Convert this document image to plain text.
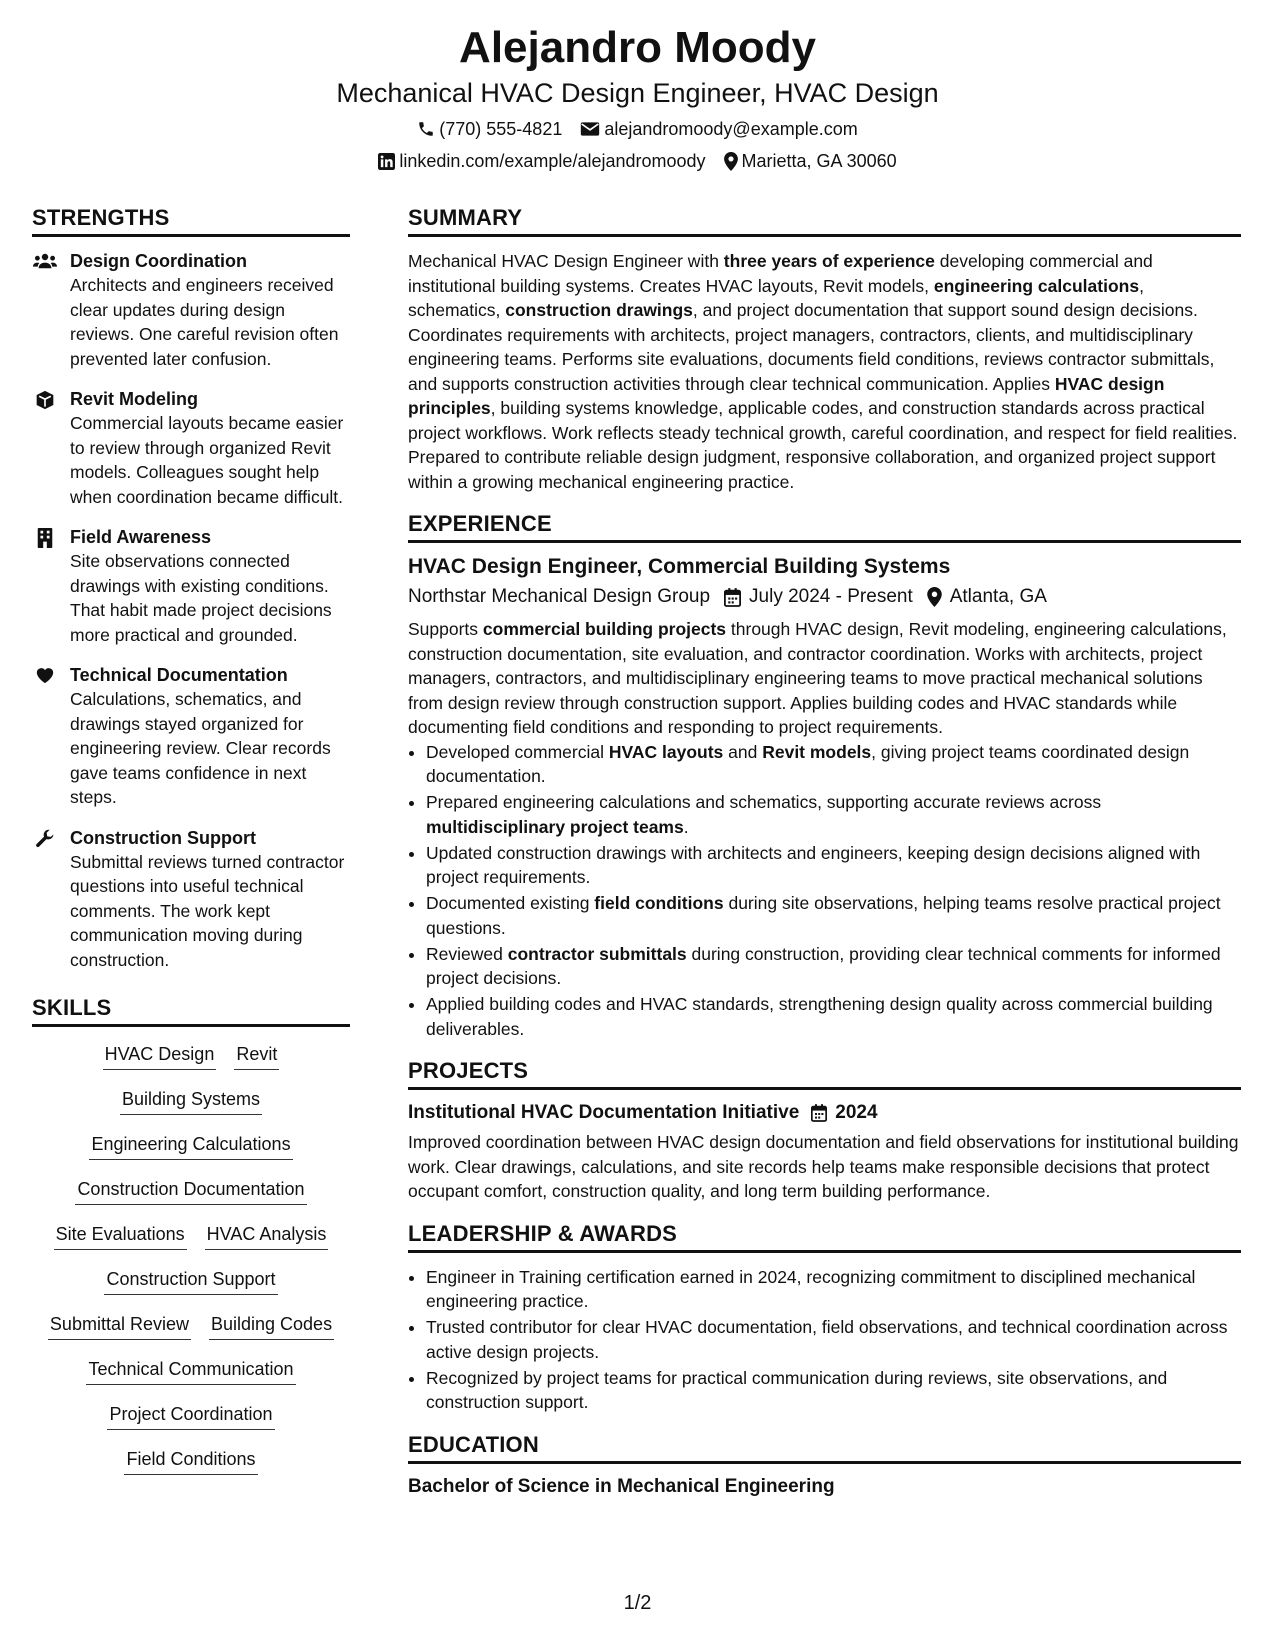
Alejandro Moody
Mechanical HVAC Design Engineer, HVAC Design
(770) 555-4821 alejandromoody@example.com
linkedin.com/example/alejandromoody Marietta, GA 30060
STRENGTHS
Design Coordination
Architects and engineers received clear updates during design reviews. One careful revision often prevented later confusion.
Revit Modeling
Commercial layouts became easier to review through organized Revit models. Colleagues sought help when coordination became difficult.
Field Awareness
Site observations connected drawings with existing conditions. That habit made project decisions more practical and grounded.
Technical Documentation
Calculations, schematics, and drawings stayed organized for engineering review. Clear records gave teams confidence in next steps.
Construction Support
Submittal reviews turned contractor questions into useful technical comments. The work kept communication moving during construction.
SKILLS
HVAC Design Revit
Building Systems
Engineering Calculations
Construction Documentation
Site Evaluations HVAC Analysis
Construction Support
Submittal Review Building Codes
Technical Communication
Project Coordination
Field Conditions
SUMMARY

Mechanical HVAC Design Engineer with three years of experience developing commercial and institutional building systems. Creates HVAC layouts, Revit models, engineering calculations, schematics, construction drawings, and project documentation that support sound design decisions. Coordinates requirements with architects, project managers, contractors, clients, and multidisciplinary engineering teams. Performs site evaluations, documents field conditions, reviews contractor submittals, and supports construction activities through clear technical communication. Applies HVAC design principles, building systems knowledge, applicable codes, and construction standards across practical project workflows. Work reflects steady technical growth, careful coordination, and respect for field realities. Prepared to contribute reliable design judgment, responsive collaboration, and organized project support within a growing mechanical engineering practice.

EXPERIENCE
HVAC Design Engineer, Commercial Building Systems
Northstar Mechanical Design Group July 2024 - Present Atlanta, GA

Supports commercial building projects through HVAC design, Revit modeling, engineering calculations, construction documentation, site evaluation, and contractor coordination. Works with architects, project managers, contractors, and multidisciplinary engineering teams to move practical mechanical solutions from design review through construction support. Applies building codes and HVAC standards while documenting field conditions and responding to project requirements.

• Developed commercial HVAC layouts and Revit models, giving project teams coordinated design documentation.
• Prepared engineering calculations and schematics, supporting accurate reviews across multidisciplinary project teams.
• Updated construction drawings with architects and engineers, keeping design decisions aligned with project requirements.
• Documented existing field conditions during site observations, helping teams resolve practical project questions.
• Reviewed contractor submittals during construction, providing clear technical comments for informed project decisions.
• Applied building codes and HVAC standards, strengthening design quality across commercial building deliverables.
PROJECTS
Institutional HVAC Documentation Initiative 2024

Improved coordination between HVAC design documentation and field observations for institutional building work. Clear drawings, calculations, and site records help teams make responsible decisions that protect occupant comfort, construction quality, and long term building performance.

LEADERSHIP & AWARDS
• Engineer in Training certification earned in 2024, recognizing commitment to disciplined mechanical engineering practice.
• Trusted contributor for clear HVAC documentation, field observations, and technical coordination across active design projects.
• Recognized by project teams for practical communication during reviews, site observations, and construction support.
EDUCATION
Bachelor of Science in Mechanical Engineering
1/2
